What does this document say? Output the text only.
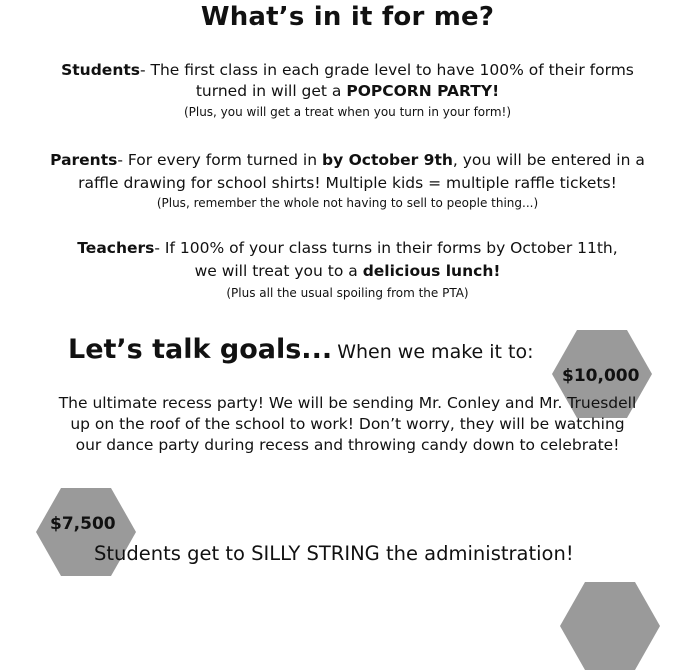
What’s in it for me?
Students- The first class in each grade level to have 100% of their forms
turned in will get a POPCORN PARTY!
(Plus, you will get a treat when you turn in your form!)
Parents- For every form turned in by October 9th, you will be entered in a
raffle drawing for school shirts! Multiple kids = multiple raffle tickets!
(Plus, remember the whole not having to sell to people thing...)
Teachers- If 100% of your class turns in their forms by October 11th,
we will treat you to a delicious lunch!
(Plus all the usual spoiling from the PTA)
Let’s talk goals... When we make it to:
$10,000
The ultimate recess party! We will be sending Mr. Conley and Mr. Truesdell
up on the roof of the school to work! Don’t worry, they will be watching
our dance party during recess and throwing candy down to celebrate!
$7,500
Students get to SILLY STRING the administration!
